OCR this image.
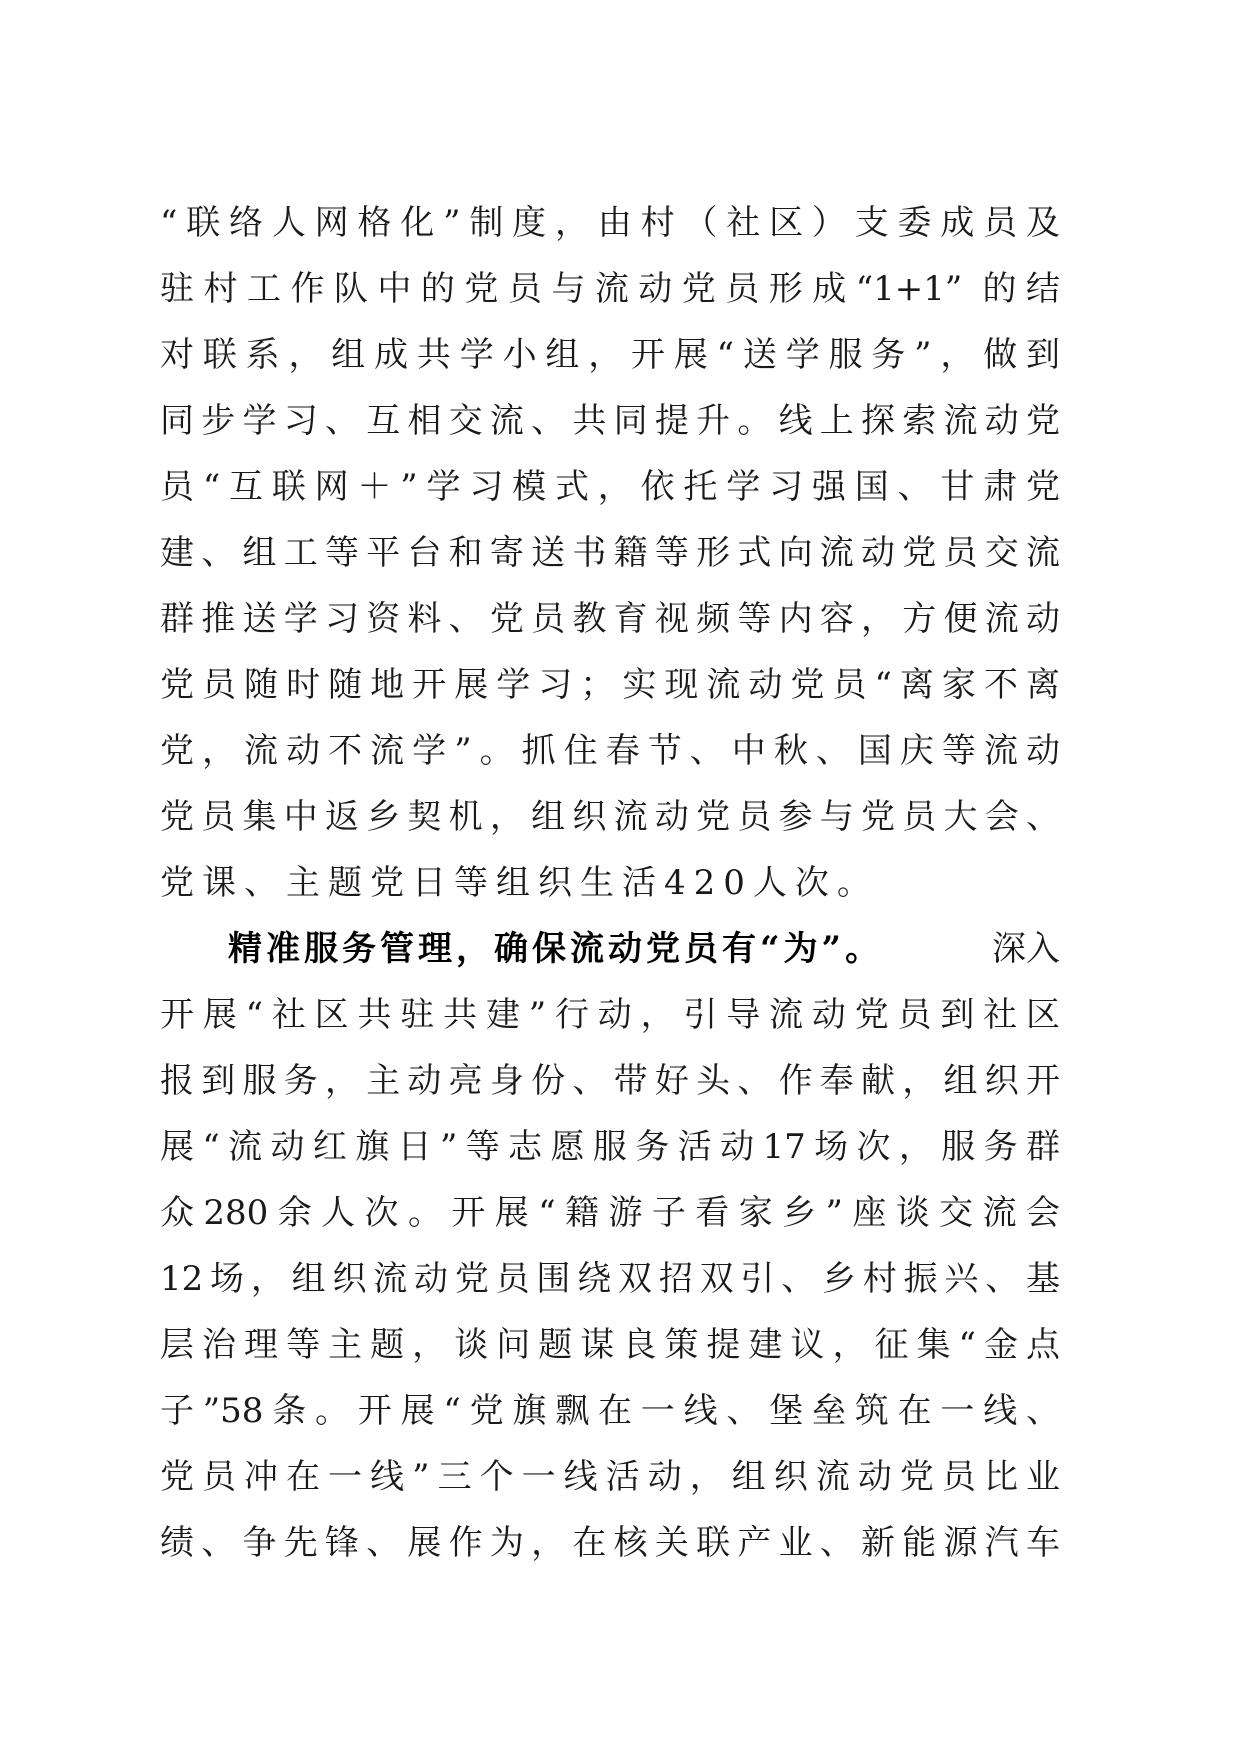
“联络人网格化”制度，由村（社区）支委成员及
驻村工作队中的党员与流动党员形成“1+1” 的结
对联系，组成共学小组，开展“送学服务”，做到
同步学习、互相交流、共同提升。线上探索流动党
员“互联网＋”学习模式，依托学习强国、甘肃党
建、组工等平台和寄送书籍等形式向流动党员交流
群推送学习资料、党员教育视频等内容，方便流动
党员随时随地开展学习；实现流动党员“离家不离
党，流动不流学”。抓住春节、中秋、国庆等流动
党员集中返乡契机，组织流动党员参与党员大会、
党课、主题党日等组织生活420人次。
精准服务管理，确保流动党员有“为”。	深入
开展“社区共驻共建”行动，引导流动党员到社区
报到服务，主动亮身份、带好头、作奉献，组织开
展“流动红旗日”等志愿服务活动17场次，服务群
众280余人次。开展“籍游子看家乡”座谈交流会
12场，组织流动党员围绕双招双引、乡村振兴、基
层治理等主题，谈问题谋良策提建议，征集“金点
子”58条。开展“党旗飘在一线、堡垒筑在一线、
党员冲在一线”三个一线活动，组织流动党员比业
绩、争先锋、展作为，在核关联产业、新能源汽车
